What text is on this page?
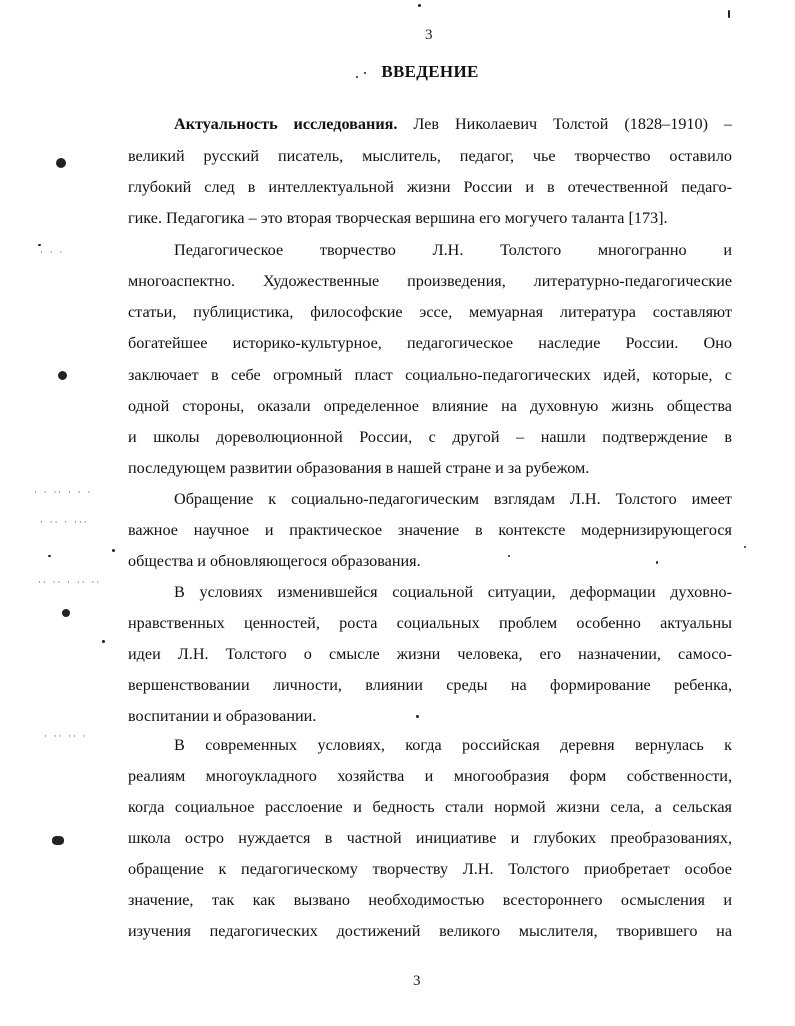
3
ВВЕДЕНИЕ
Актуальность исследования. Лев Николаевич Толстой (1828–1910) –
великий русский писатель, мыслитель, педагог, чье творчество оставило
глубокий след в интеллектуальной жизни России и в отечественной педаго-
гике. Педагогика – это вторая творческая вершина его могучего таланта [173].
Педагогическое творчество Л.Н. Толстого многогранно и
многоаспектно. Художественные произведения, литературно-педагогические
статьи, публицистика, философские эссе, мемуарная литература составляют
богатейшее историко-культурное, педагогическое наследие России. Оно
заключает в себе огромный пласт социально-педагогических идей, которые, с
одной стороны, оказали определенное влияние на духовную жизнь общества
и школы дореволюционной России, с другой – нашли подтверждение в
последующем развитии образования в нашей стране и за рубежом.
Обращение к социально-педагогическим взглядам Л.Н. Толстого имеет
важное научное и практическое значение в контексте модернизирующегося
общества и обновляющегося образования.
В условиях изменившейся социальной ситуации, деформации духовно-
нравственных ценностей, роста социальных проблем особенно актуальны
идеи Л.Н. Толстого о смысле жизни человека, его назначении, самосо-
вершенствовании личности, влиянии среды на формирование ребенка,
воспитании и образовании.
В современных условиях, когда российская деревня вернулась к
реалиям многоукладного хозяйства и многообразия форм собственности,
когда социальное расслоение и бедность стали нормой жизни села, а сельская
школа остро нуждается в частной инициативе и глубоких преобразованиях,
обращение к педагогическому творчеству Л.Н. Толстого приобретает особое
значение, так как вызвано необходимостью всестороннего осмысления и
изучения педагогических достижений великого мыслителя, творившего на
3
· · ·· · · ·
· ·· · ···
·· ·· · ·· ··
· ·· ·· ·
· · ·
